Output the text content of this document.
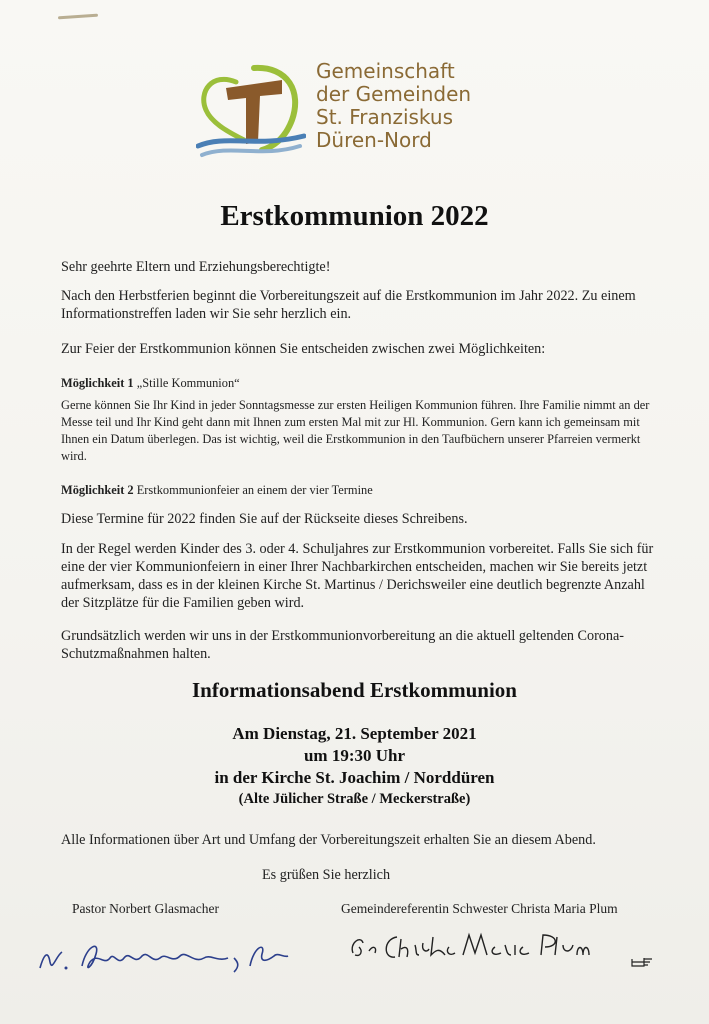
Gemeinschaft
der Gemeinden
St. Franziskus
Düren-Nord
Erstkommunion 2022
Sehr geehrte Eltern und Erziehungsberechtigte!
Nach den Herbstferien beginnt die Vorbereitungszeit auf die Erstkommunion im Jahr 2022. Zu einem Informationstreffen laden wir Sie sehr herzlich ein.
Zur Feier der Erstkommunion können Sie entscheiden zwischen zwei Möglichkeiten:
Möglichkeit 1 „Stille Kommunion“
Gerne können Sie Ihr Kind in jeder Sonntagsmesse zur ersten Heiligen Kommunion führen. Ihre Familie nimmt an der Messe teil und Ihr Kind geht dann mit Ihnen zum ersten Mal mit zur Hl. Kommunion. Gern kann ich gemeinsam mit Ihnen ein Datum überlegen. Das ist wichtig, weil die Erstkommunion in den Taufbüchern unserer Pfarreien vermerkt wird.
Möglichkeit 2 Erstkommunionfeier an einem der vier Termine
Diese Termine für 2022 finden Sie auf der Rückseite dieses Schreibens.
In der Regel werden Kinder des 3. oder 4. Schuljahres zur Erstkommunion vorbereitet. Falls Sie sich für eine der vier Kommunionfeiern in einer Ihrer Nachbarkirchen entscheiden, machen wir Sie bereits jetzt aufmerksam, dass es in der kleinen Kirche St. Martinus / Derichsweiler eine deutlich begrenzte Anzahl der Sitzplätze für die Familien geben wird.
Grundsätzlich werden wir uns in der Erstkommunionvorbereitung an die aktuell geltenden Corona-Schutzmaßnahmen halten.
Informationsabend Erstkommunion
Am Dienstag, 21. September 2021
um 19:30 Uhr
in der Kirche St. Joachim / Norddüren
(Alte Jülicher Straße / Meckerstraße)
Alle Informationen über Art und Umfang der Vorbereitungszeit erhalten Sie an diesem Abend.
Es grüßen Sie herzlich
Pastor Norbert Glasmacher	Gemeindereferentin Schwester Christa Maria Plum
